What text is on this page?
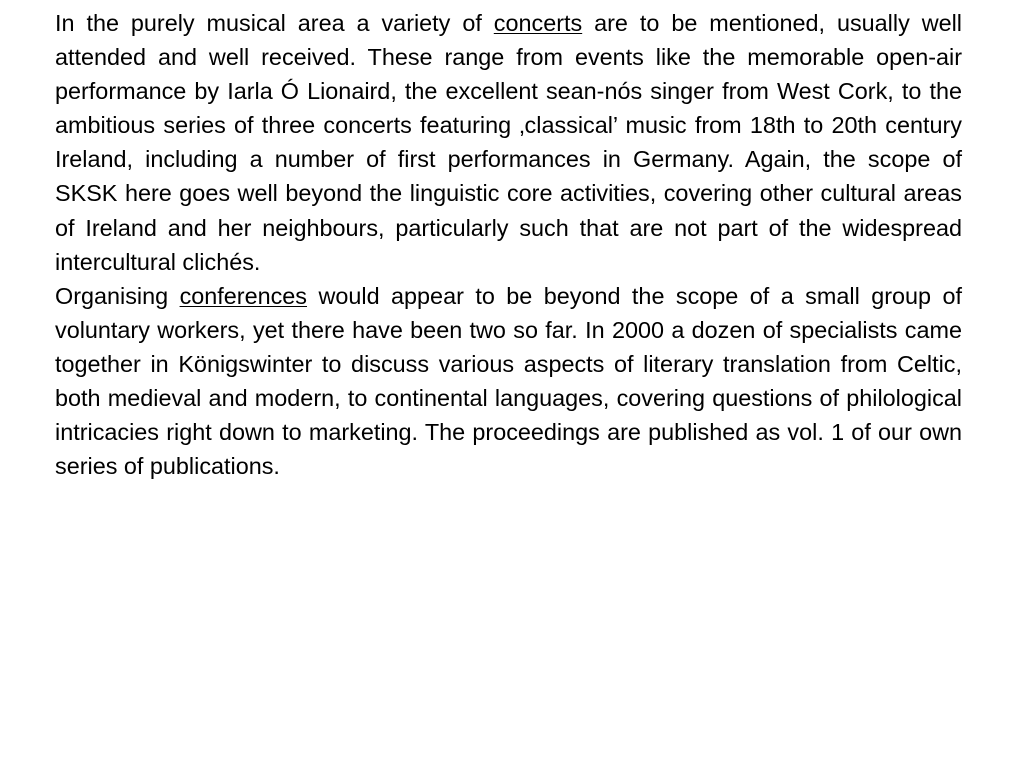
In the purely musical area a variety of concerts are to be mentioned, usually well attended and well received. These range from events like the memorable open-air performance by Iarla Ó Lionaird, the excellent sean-nós singer from West Cork, to the ambitious series of three concerts featuring ‚classical’ music from 18th to 20th century Ireland, including a number of first performances in Germany. Again, the scope of SKSK here goes well beyond the linguistic core activities, covering other cultural areas of Ireland and her neighbours, particularly such that are not part of the widespread intercultural clichés.

Organising conferences would appear to be beyond the scope of a small group of voluntary workers, yet there have been two so far. In 2000 a dozen of specialists came together in Königswinter to discuss various aspects of literary translation from Celtic, both medieval and modern, to continental languages, covering questions of philological intricacies right down to marketing. The proceedings are published as vol. 1 of our own series of publications.
